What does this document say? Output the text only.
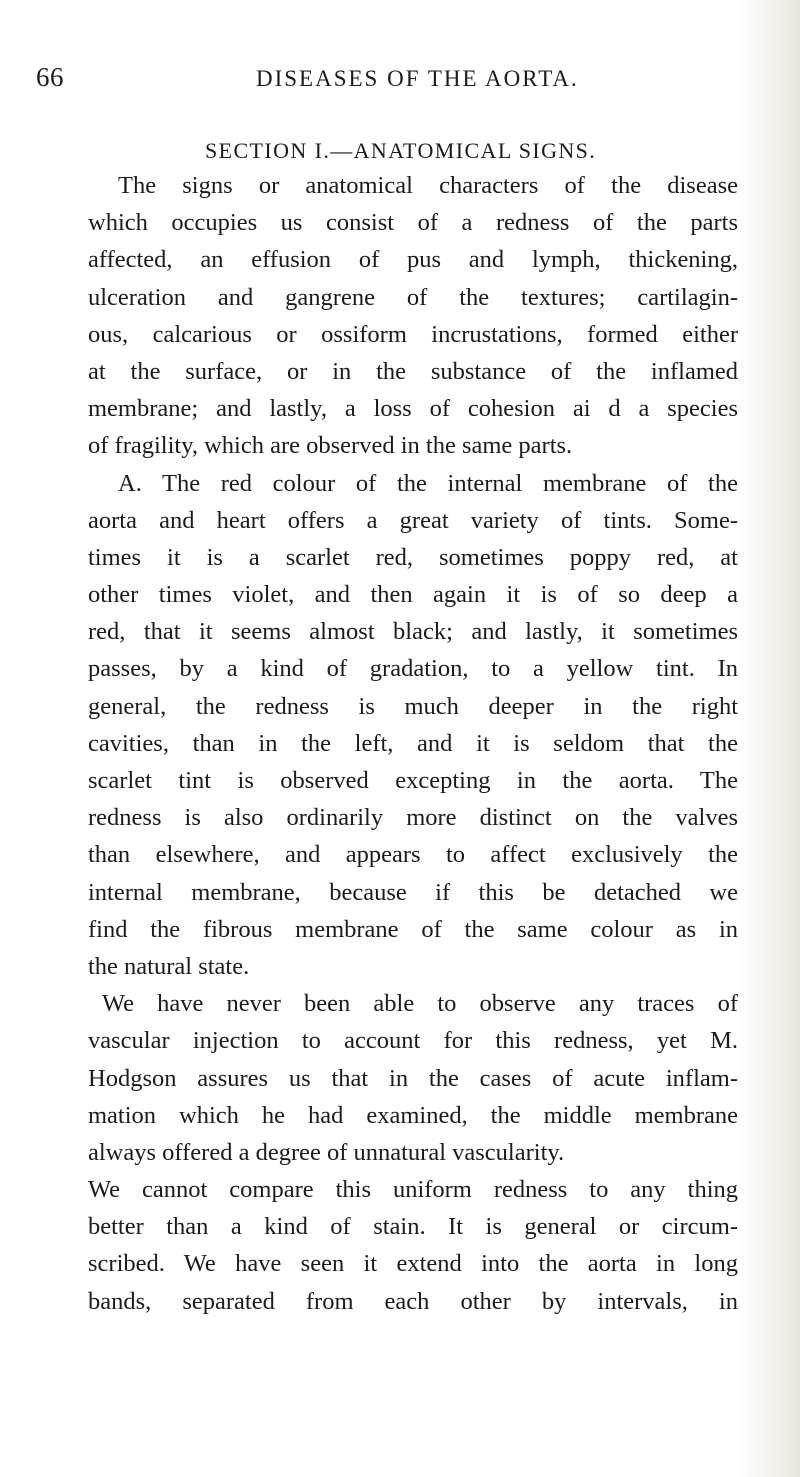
66	DISEASES OF THE AORTA.
SECTION I.—ANATOMICAL SIGNS.
The signs or anatomical characters of the disease
which occupies us consist of a redness of the parts
affected, an effusion of pus and lymph, thickening,
ulceration and gangrene of the textures; cartilagin-
ous, calcarious or ossiform incrustations, formed either
at the surface, or in the substance of the inflamed
membrane; and lastly, a loss of cohesion ai d a species
of fragility, which are observed in the same parts.
A. The red colour of the internal membrane of the
aorta and heart offers a great variety of tints. Some-
times it is a scarlet red, sometimes poppy red, at
other times violet, and then again it is of so deep a
red, that it seems almost black; and lastly, it sometimes
passes, by a kind of gradation, to a yellow tint. In
general, the redness is much deeper in the right
cavities, than in the left, and it is seldom that the
scarlet tint is observed excepting in the aorta. The
redness is also ordinarily more distinct on the valves
than elsewhere, and appears to affect exclusively the
internal membrane, because if this be detached we
find the fibrous membrane of the same colour as in
the natural state.
We have never been able to observe any traces of
vascular injection to account for this redness, yet M.
Hodgson assures us that in the cases of acute inflam-
mation which he had examined, the middle membrane
always offered a degree of unnatural vascularity.
We cannot compare this uniform redness to any thing
better than a kind of stain. It is general or circum-
scribed. We have seen it extend into the aorta in long
bands, separated from each other by intervals, in
